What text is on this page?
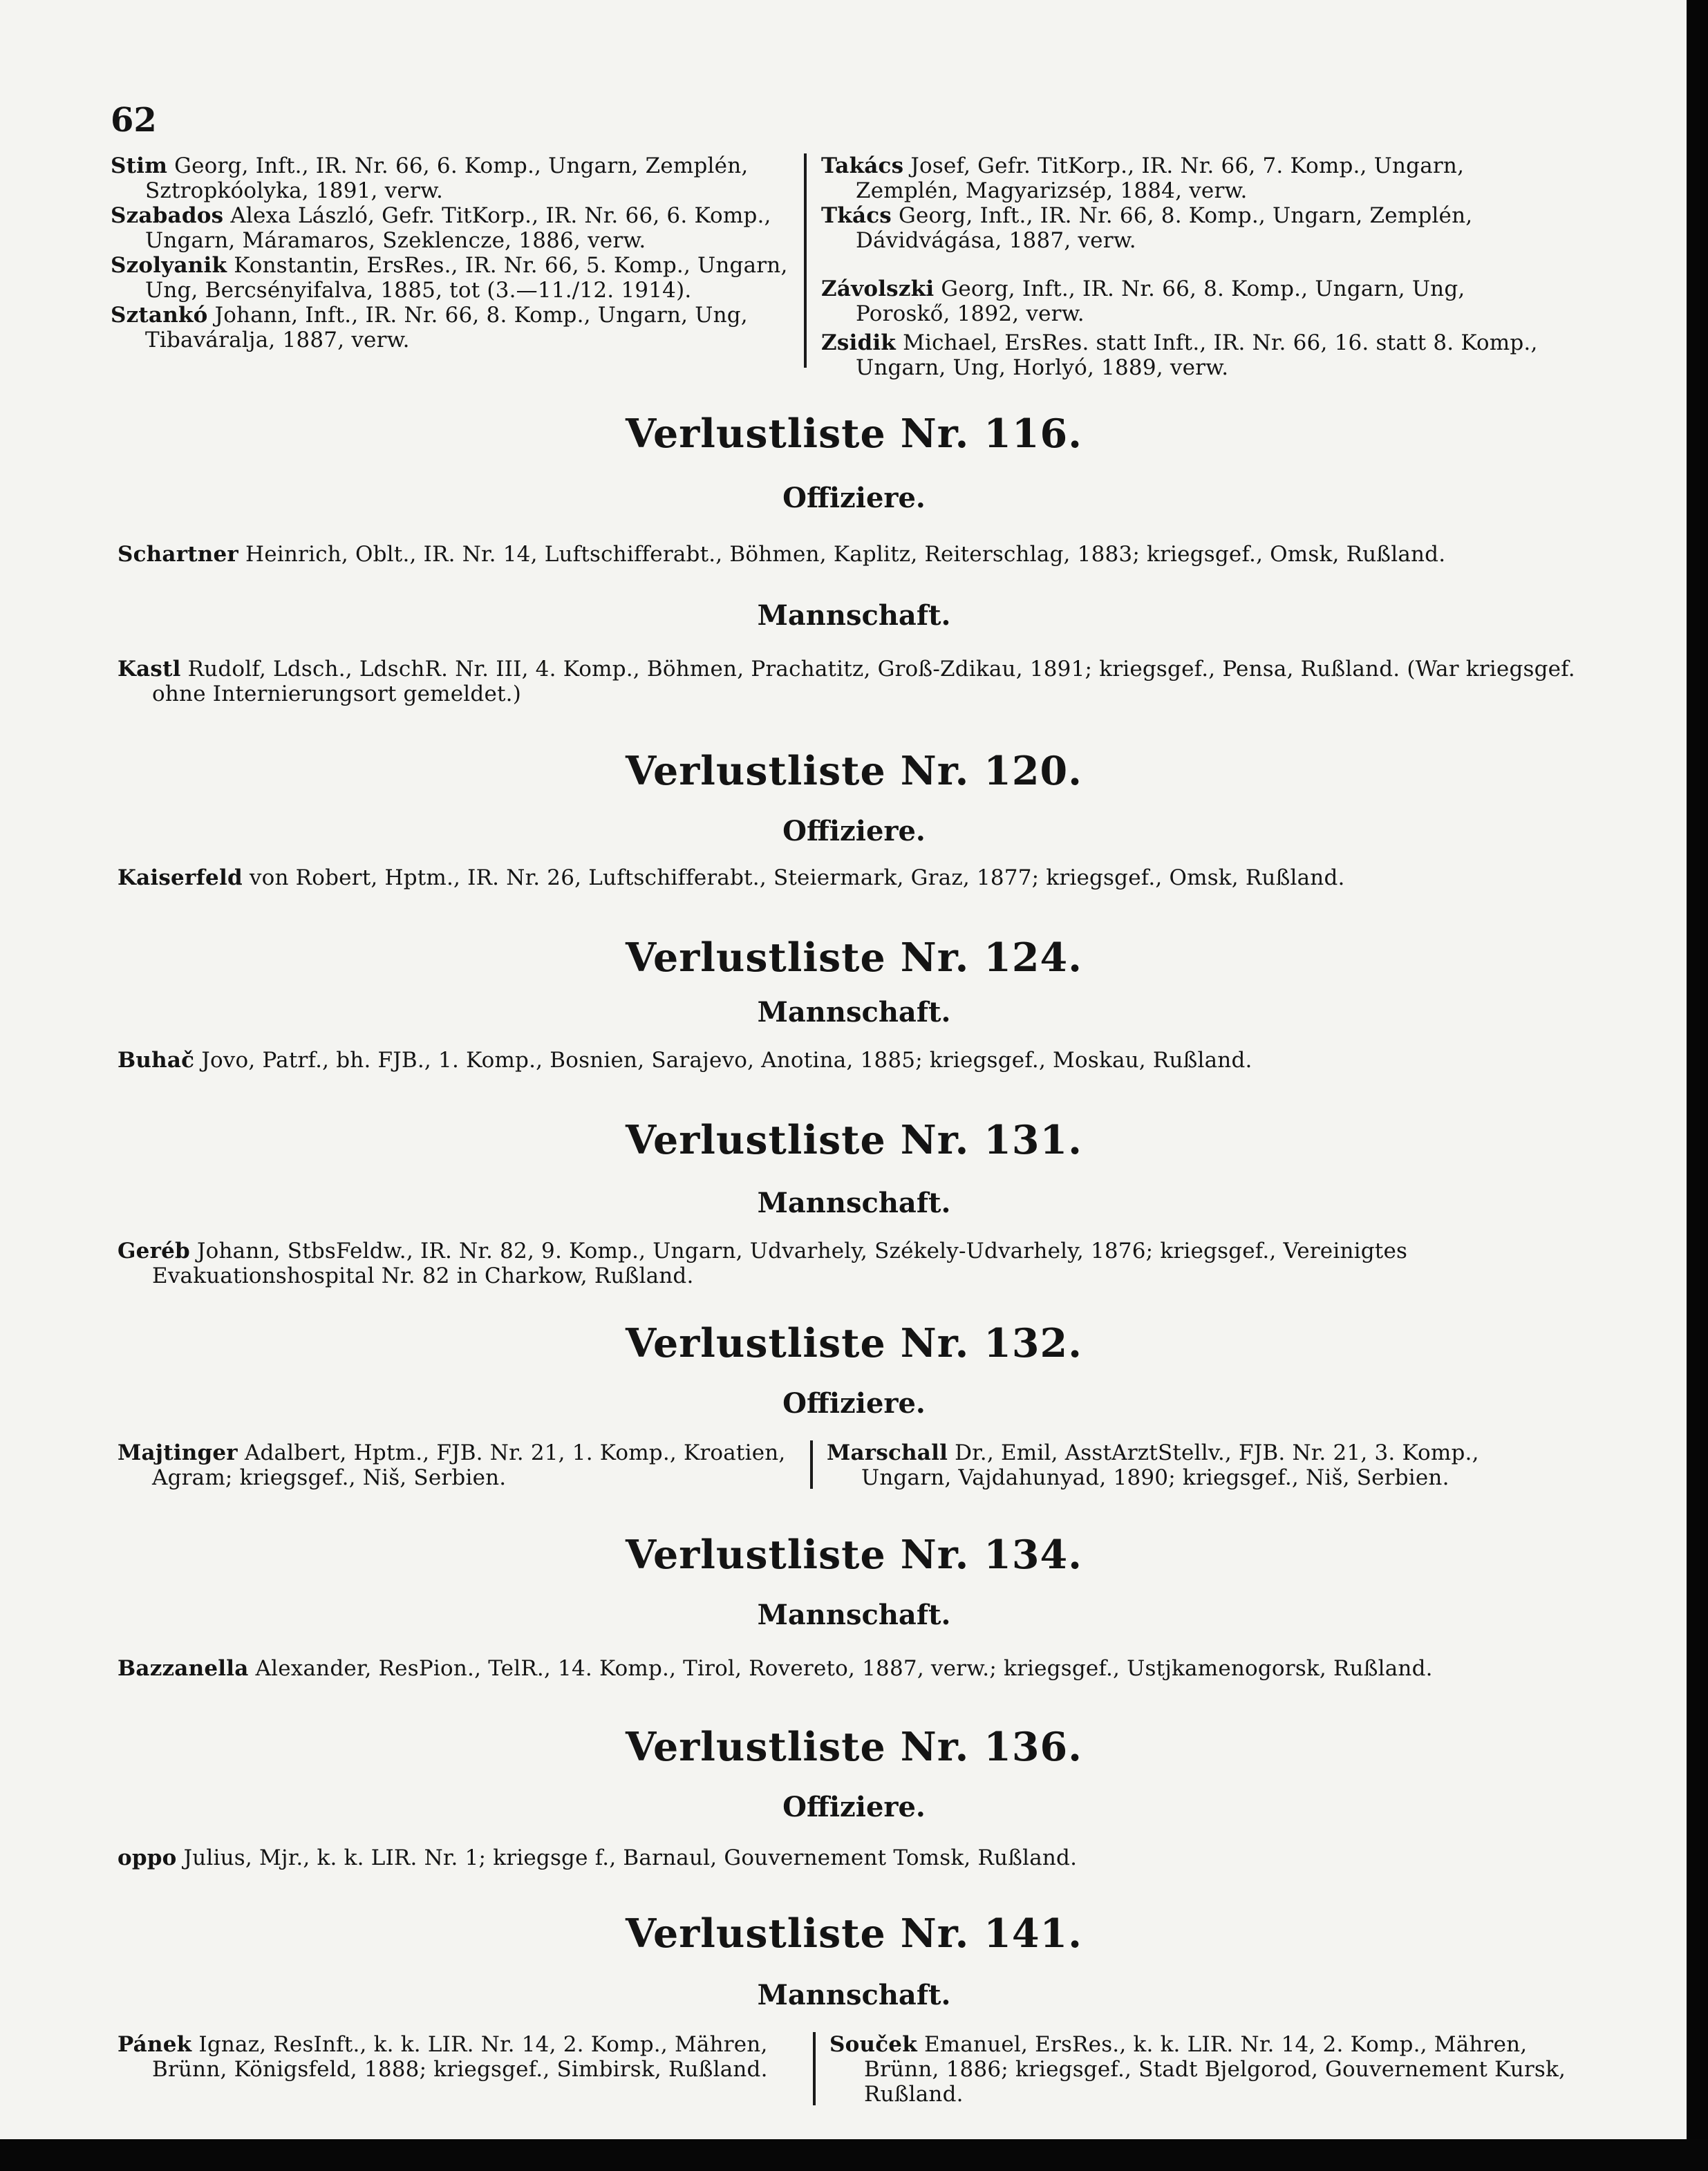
62
Stim Georg, Inft., IR. Nr. 66, 6. Komp., Ungarn, Zemplén, Sztropkóolyka, 1891, verw.
Szabados Alexa László, Gefr. TitKorp., IR. Nr. 66, 6. Komp., Ungarn, Máramaros, Szeklencze, 1886, verw.
Szolyanik Konstantin, ErsRes., IR. Nr. 66, 5. Komp., Ungarn, Ung, Bercsényifalva, 1885, tot (3.—11./12. 1914).
Sztankó Johann, Inft., IR. Nr. 66, 8. Komp., Ungarn, Ung, Tibaváralja, 1887, verw.
Takács Josef, Gefr. TitKorp., IR. Nr. 66, 7. Komp., Ungarn, Zemplén, Magyarizsép, 1884, verw.
Tkács Georg, Inft., IR. Nr. 66, 8. Komp., Ungarn, Zemplén, Dávidvágása, 1887, verw.
Závolszki Georg, Inft., IR. Nr. 66, 8. Komp., Ungarn, Ung, Poroskő, 1892, verw.
Zsidik Michael, ErsRes. statt Inft., IR. Nr. 66, 16. statt 8. Komp., Ungarn, Ung, Horlyó, 1889, verw.
Verlustliste Nr. 116.
Offiziere.
Schartner Heinrich, Oblt., IR. Nr. 14, Luftschifferabt., Böhmen, Kaplitz, Reiterschlag, 1883; kriegsgef., Omsk, Rußland.
Mannschaft.
Kastl Rudolf, Ldsch., LdschR. Nr. III, 4. Komp., Böhmen, Prachatitz, Groß-Zdikau, 1891; kriegsgef., Pensa, Rußland. (War kriegsgef. ohne Internierungsort gemeldet.)
Verlustliste Nr. 120.
Offiziere.
Kaiserfeld von Robert, Hptm., IR. Nr. 26, Luftschifferabt., Steiermark, Graz, 1877; kriegsgef., Omsk, Rußland.
Verlustliste Nr. 124.
Mannschaft.
Buhač Jovo, Patrf., bh. FJB., 1. Komp., Bosnien, Sarajevo, Anotina, 1885; kriegsgef., Moskau, Rußland.
Verlustliste Nr. 131.
Mannschaft.
Geréb Johann, StbsFeldw., IR. Nr. 82, 9. Komp., Ungarn, Udvarhely, Székely-Udvarhely, 1876; kriegsgef., Vereinigtes Evakuationshospital Nr. 82 in Charkow, Rußland.
Verlustliste Nr. 132.
Offiziere.
Majtinger Adalbert, Hptm., FJB. Nr. 21, 1. Komp., Kroatien, Agram; kriegsgef., Niš, Serbien.
Marschall Dr., Emil, AsstArztStellv., FJB. Nr. 21, 3. Komp., Ungarn, Vajdahunyad, 1890; kriegsgef., Niš, Serbien.
Verlustliste Nr. 134.
Mannschaft.
Bazzanella Alexander, ResPion., TelR., 14. Komp., Tirol, Rovereto, 1887, verw.; kriegsgef., Ustjkamenogorsk, Rußland.
Verlustliste Nr. 136.
Offiziere.
oppo Julius, Mjr., k. k. LIR. Nr. 1; kriegsge f., Barnaul, Gouvernement Tomsk, Rußland.
Verlustliste Nr. 141.
Mannschaft.
Pánek Ignaz, ResInft., k. k. LIR. Nr. 14, 2. Komp., Mähren, Brünn, Königsfeld, 1888; kriegsgef., Simbirsk, Rußland.
Souček Emanuel, ErsRes., k. k. LIR. Nr. 14, 2. Komp., Mähren, Brünn, 1886; kriegsgef., Stadt Bjelgorod, Gouvernement Kursk, Rußland.
